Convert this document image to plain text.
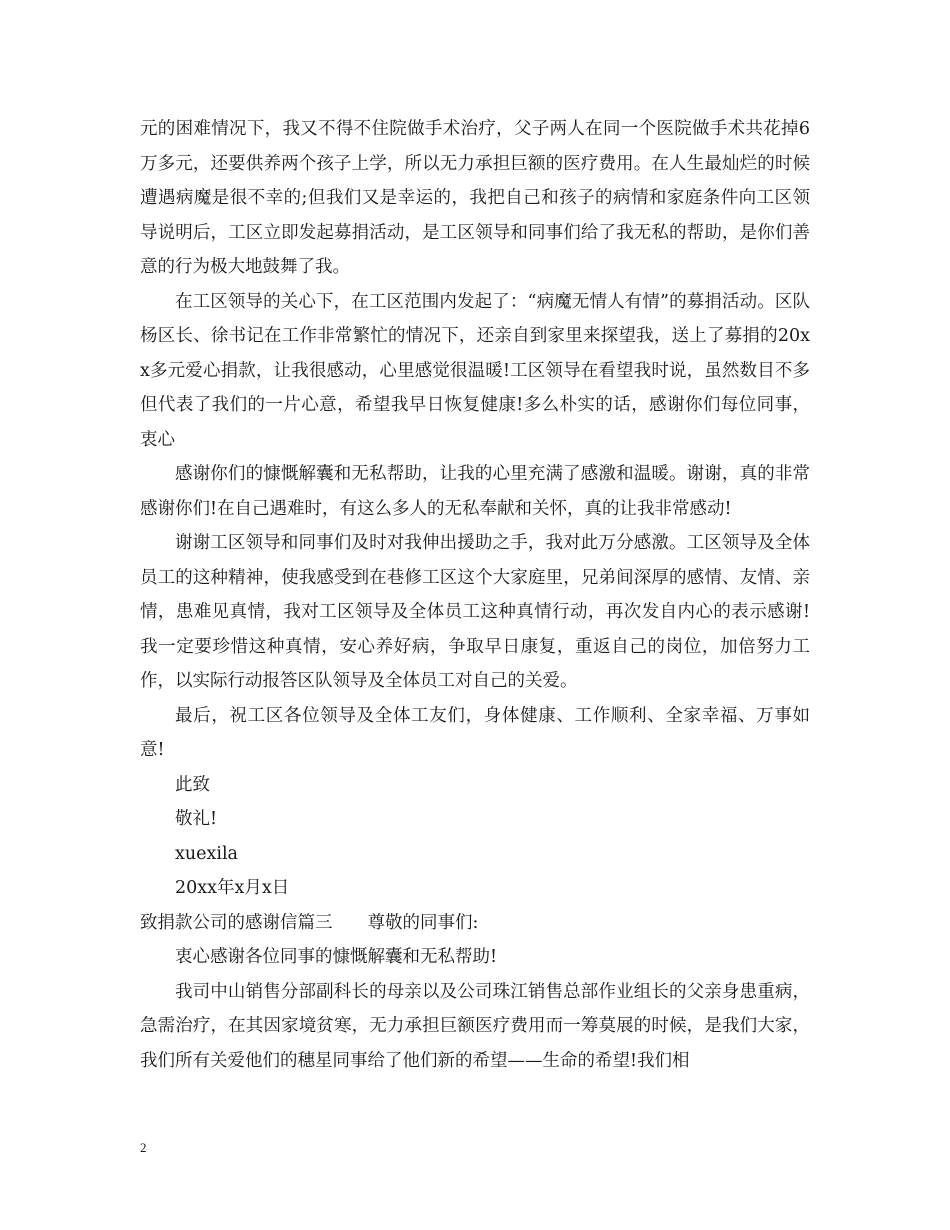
元的困难情况下，我又不得不住院做手术治疗，父子两人在同一个医院做手术共花掉6万多元，还要供养两个孩子上学，所以无力承担巨额的医疗费用。在人生最灿烂的时候遭遇病魔是很不幸的;但我们又是幸运的，我把自己和孩子的病情和家庭条件向工区领导说明后，工区立即发起募捐活动，是工区领导和同事们给了我无私的帮助，是你们善意的行为极大地鼓舞了我。

在工区领导的关心下，在工区范围内发起了：“病魔无情人有情”的募捐活动。区队杨区长、徐书记在工作非常繁忙的情况下，还亲自到家里来探望我，送上了募捐的20xx多元爱心捐款，让我很感动，心里感觉很温暖!工区领导在看望我时说，虽然数目不多但代表了我们的一片心意，希望我早日恢复健康!多么朴实的话，感谢你们每位同事，衷心

感谢你们的慷慨解囊和无私帮助，让我的心里充满了感激和温暖。谢谢，真的非常感谢你们!在自己遇难时，有这么多人的无私奉献和关怀，真的让我非常感动!

谢谢工区领导和同事们及时对我伸出援助之手，我对此万分感激。工区领导及全体员工的这种精神，使我感受到在巷修工区这个大家庭里，兄弟间深厚的感情、友情、亲情，患难见真情，我对工区领导及全体员工这种真情行动，再次发自内心的表示感谢!我一定要珍惜这种真情，安心养好病，争取早日康复，重返自己的岗位，加倍努力工作，以实际行动报答区队领导及全体员工对自己的关爱。

最后，祝工区各位领导及全体工友们，身体健康、工作顺利、全家幸福、万事如意!

此致

敬礼!

xuexila

20xx年x月x日

致捐款公司的感谢信篇三　　尊敬的同事们:

衷心感谢各位同事的慷慨解囊和无私帮助!

我司中山销售分部副科长的母亲以及公司珠江销售总部作业组长的父亲身患重病，急需治疗，在其因家境贫寒，无力承担巨额医疗费用而一筹莫展的时候，是我们大家，我们所有关爱他们的穗星同事给了他们新的希望——生命的希望!我们相

2
